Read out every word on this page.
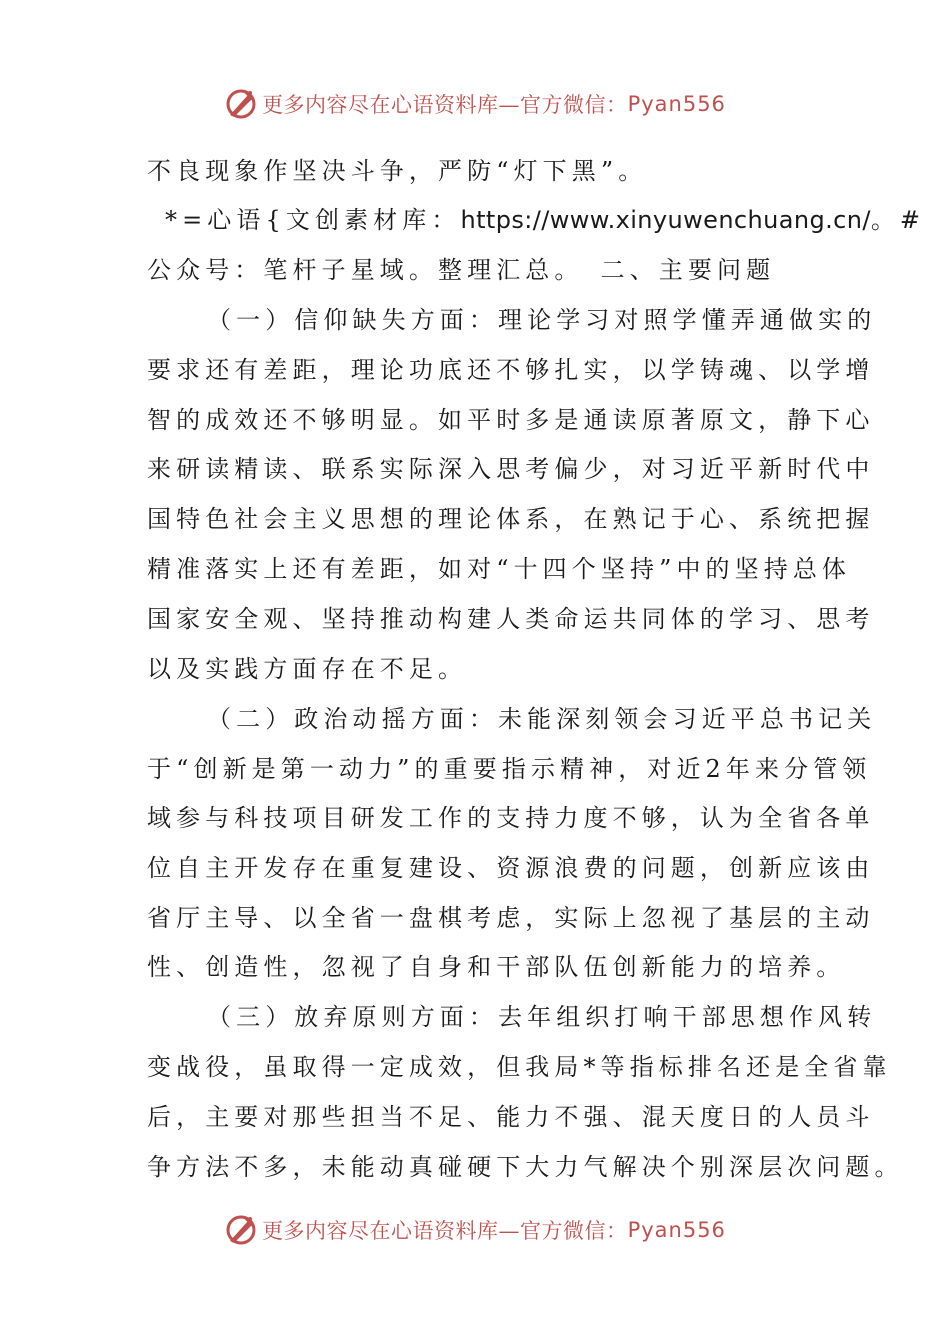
更多内容尽在心语资料库—官方微信： Pyan556
不良现象作坚决斗争，严防“灯下黑”。
*=心语{文创素材库：https://www.xinyuwenchuang.cn/。#
公众号：笔杆子星域。整理汇总。　二、主要问题
（一）信仰缺失方面：理论学习对照学懂弄通做实的
要求还有差距，理论功底还不够扎实，以学铸魂、以学增
智的成效还不够明显。如平时多是通读原著原文，静下心
来研读精读、联系实际深入思考偏少，对习近平新时代中
国特色社会主义思想的理论体系，在熟记于心、系统把握
精准落实上还有差距，如对“十四个坚持”中的坚持总体
国家安全观、坚持推动构建人类命运共同体的学习、思考
以及实践方面存在不足。
（二）政治动摇方面：未能深刻领会习近平总书记关
于“创新是第一动力”的重要指示精神，对近2年来分管领
域参与科技项目研发工作的支持力度不够，认为全省各单
位自主开发存在重复建设、资源浪费的问题，创新应该由
省厅主导、以全省一盘棋考虑，实际上忽视了基层的主动
性、创造性，忽视了自身和干部队伍创新能力的培养。
（三）放弃原则方面：去年组织打响干部思想作风转
变战役，虽取得一定成效，但我局*等指标排名还是全省靠
后，主要对那些担当不足、能力不强、混天度日的人员斗
争方法不多，未能动真碰硬下大力气解决个别深层次问题。
更多内容尽在心语资料库—官方微信： Pyan556
